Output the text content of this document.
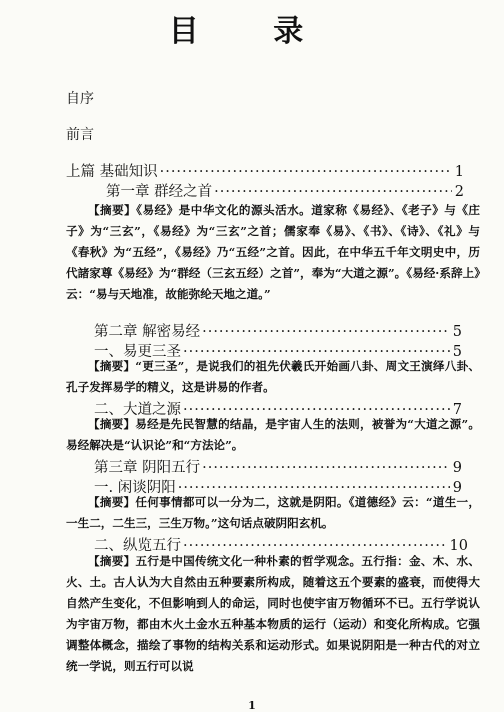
目 录
自序
前言
上篇 基础知识 ·····	1
第一章 群经之首 ·····	2
【摘要】《易经》是中华文化的源头活水。道家称《易经》、《老子》与《庄子》为“三玄”，《易经》为“三玄”之首；儒家奉《易》、《书》、《诗》、《礼》与《春秋》为“五经”，《易经》乃“五经”之首。因此，在中华五千年文明史中，历代諸家尊《易经》为“群经（三玄五经）之首”，奉为“大道之源”。《易经·系辞上》云：“易与天地准，故能弥纶天地之道。”
第二章 解密易经 ·····	5
一、易更三圣 ·····	5
【摘要】“更三圣”，是说我们的祖先伏羲氏开始画八卦、周文王演绎八卦、孔子发挥易学的精义，这是讲易的作者。
二、大道之源 ·····	7
【摘要】易经是先民智慧的结晶，是宇宙人生的法则，被誉为“大道之源”。易经解决是“认识论”和“方法论”。
第三章 阴阳五行 ·····	9
一. 闲谈阴阳 ·····	9
【摘要】任何事情都可以一分为二，这就是阴阳。《道德经》云：“道生一，一生二，二生三，三生万物。”这句话点破阴阳玄机。
二、纵览五行 ·····	10
【摘要】五行是中国传统文化一种朴素的哲学观念。五行指：金、木、水、火、土。古人认为大自然由五种要素所构成，随着这五个要素的盛衰，而使得大自然产生变化，不但影响到人的命运，同时也使宇宙万物循环不已。五行学说认为宇宙万物，都由木火土金水五种基本物质的运行（运动）和变化所构成。它强调整体概念，描绘了事物的结构关系和运动形式。如果说阴阳是一种古代的对立统一学说，则五行可以说
1
